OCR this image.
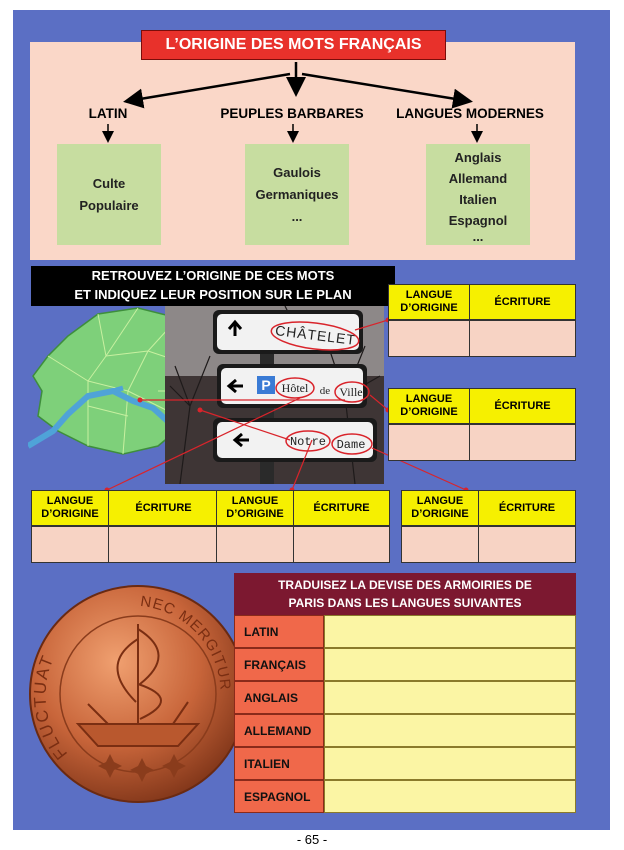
L’ORIGINE DES MOTS FRANÇAIS
LATIN	PEUPLES BARBARES	LANGUES MODERNES
Culte
Populaire
Gaulois
Germaniques
...
Anglais
Allemand
Italien
Espagnol
...
RETROUVEZ L’ORIGINE DE CES MOTS
ET INDIQUEZ LEUR POSITION SUR LE PLAN
P
CHÂTELET
Hôtel de Ville
Notre Dame
LANGUE
D’ORIGINE
ÉCRITURE
LANGUE
D’ORIGINE
ÉCRITURE
LANGUE
D’ORIGINE
ÉCRITURE
LANGUE
D’ORIGINE
ÉCRITURE
LANGUE
D’ORIGINE
ÉCRITURE
FLUCTUAT
NEC MERGITUR
TRADUISEZ LA DEVISE DES ARMOIRIES DE
PARIS DANS LES LANGUES SUIVANTES
LATIN
FRANÇAIS
ANGLAIS
ALLEMAND
ITALIEN
ESPAGNOL
- 65 -
